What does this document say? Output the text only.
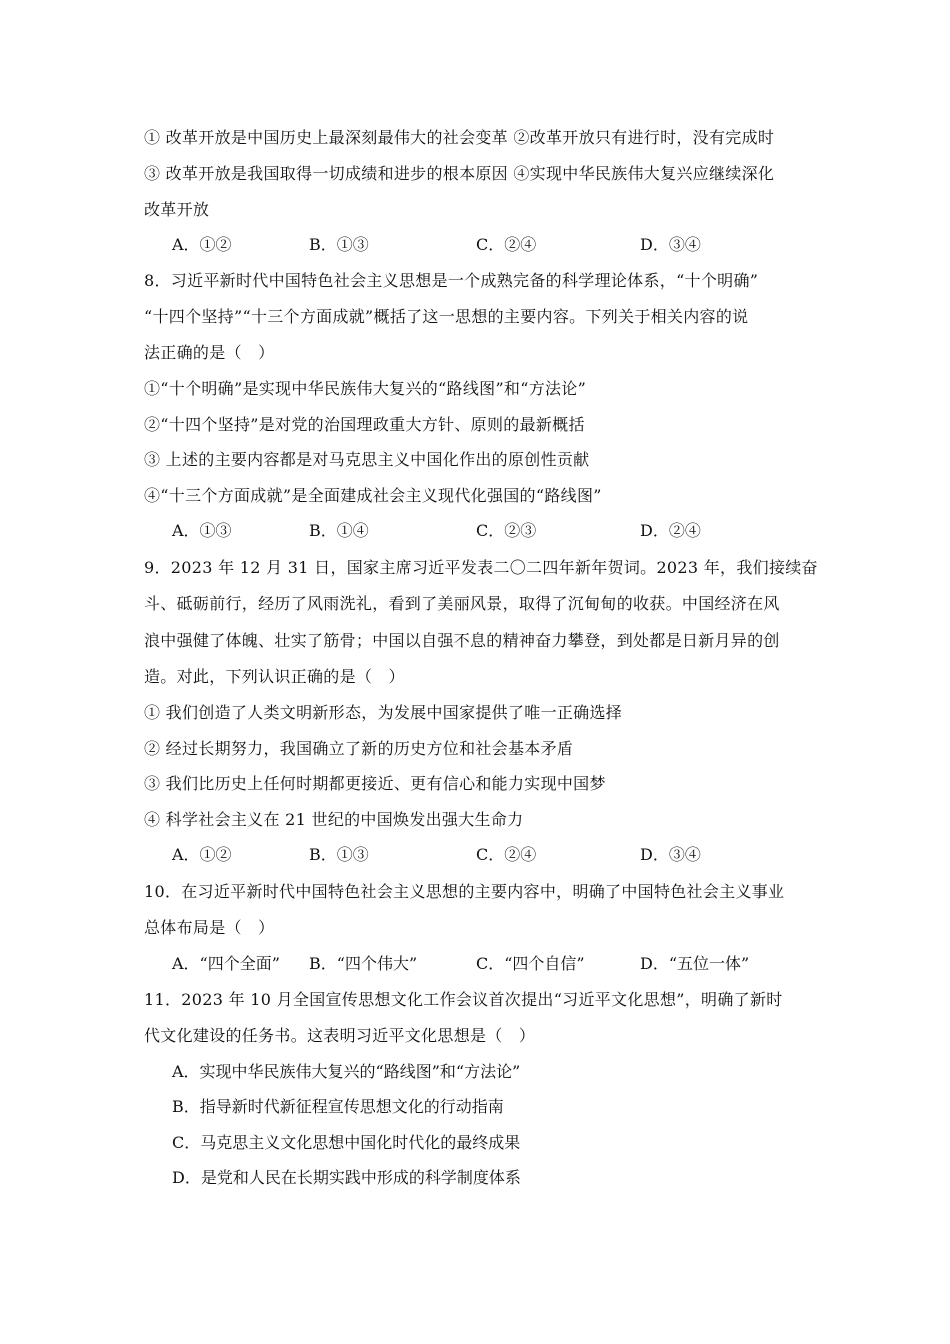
① 改革开放是中国历史上最深刻最伟大的社会变革 ②改革开放只有进行时，没有完成时
③ 改革开放是我国取得一切成绩和进步的根本原因 ④实现中华民族伟大复兴应继续深化
改革开放
A．①②	B．①③	C．②④	D．③④
8．习近平新时代中国特色社会主义思想是一个成熟完备的科学理论体系，“十个明确”
“十四个坚持”“十三个方面成就”概括了这一思想的主要内容。下列关于相关内容的说
法正确的是（　）
①“十个明确”是实现中华民族伟大复兴的“路线图”和“方法论”
②“十四个坚持”是对党的治国理政重大方针、原则的最新概括
③ 上述的主要内容都是对马克思主义中国化作出的原创性贡献
④“十三个方面成就”是全面建成社会主义现代化强国的“路线图”
A．①③	B．①④	C．②③	D．②④
9．2023 年 12 月 31 日，国家主席习近平发表二〇二四年新年贺词。2023 年，我们接续奋
斗、砥砺前行，经历了风雨洗礼，看到了美丽风景，取得了沉甸甸的收获。中国经济在风
浪中强健了体魄、壮实了筋骨；中国以自强不息的精神奋力攀登，到处都是日新月异的创
造。对此，下列认识正确的是（　）
① 我们创造了人类文明新形态，为发展中国家提供了唯一正确选择
② 经过长期努力，我国确立了新的历史方位和社会基本矛盾
③ 我们比历史上任何时期都更接近、更有信心和能力实现中国梦
④ 科学社会主义在 21 世纪的中国焕发出强大生命力
A．①②	B．①③	C．②④	D．③④
10．在习近平新时代中国特色社会主义思想的主要内容中，明确了中国特色社会主义事业
总体布局是（　）
A．“四个全面” B．“四个伟大”	C．“四个自信”	D．“五位一体”
11．2023 年 10 月全国宣传思想文化工作会议首次提出“习近平文化思想”，明确了新时
代文化建设的任务书。这表明习近平文化思想是（　）
A．实现中华民族伟大复兴的“路线图”和“方法论”
B．指导新时代新征程宣传思想文化的行动指南
C．马克思主义文化思想中国化时代化的最终成果
D．是党和人民在长期实践中形成的科学制度体系
